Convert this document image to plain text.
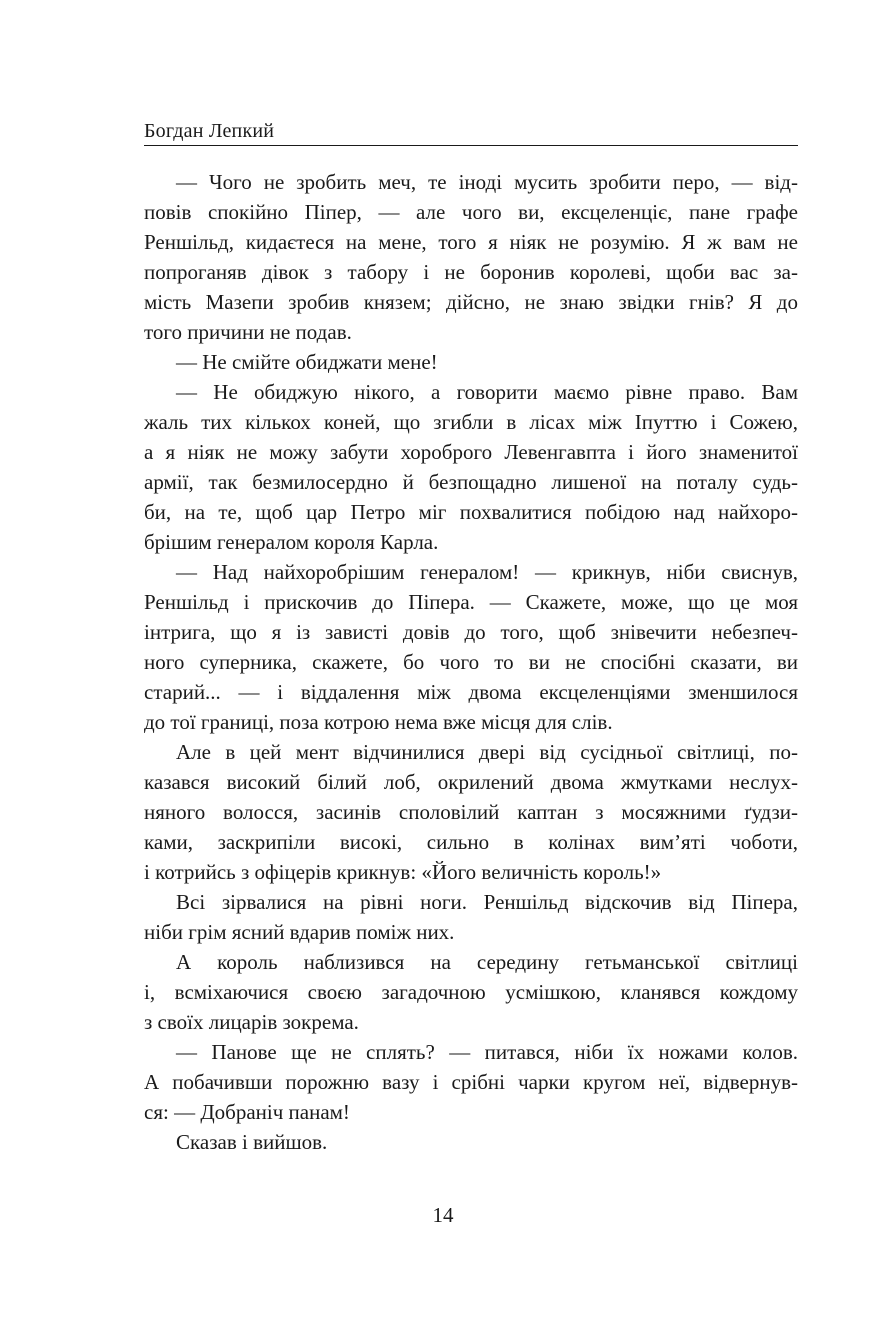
Богдан Лепкий
— Чого не зробить меч, те іноді мусить зробити перо, — від-
повів спокійно Піпер, — але чого ви, ексцеленціє, пане графе
Реншільд, кидаєтеся на мене, того я ніяк не розумію. Я ж вам не
попроганяв дівок з табору і не боронив королеві, щоби вас за-
мість Мазепи зробив князем; дійсно, не знаю звідки гнів? Я до
того причини не подав.
— Не смійте обиджати мене!
— Не обиджую нікого, а говорити маємо рівне право. Вам
жаль тих кількох коней, що згибли в лісах між Іпуттю і Сожею,
а я ніяк не можу забути хороброго Левенгавпта і його знаменитої
армії, так безмилосердно й безпощадно лишеної на поталу судь-
би, на те, щоб цар Петро міг похвалитися побідою над найхоро-
брішим генералом короля Карла.
— Над найхоробрішим генералом! — крикнув, ніби свиснув,
Реншільд і прискочив до Піпера. — Скажете, може, що це моя
інтрига, що я із зависті довів до того, щоб знівечити небезпеч-
ного суперника, скажете, бо чого то ви не спосібні сказати, ви
старий... — і віддалення між двома ексцеленціями зменшилося
до тої границі, поза котрою нема вже місця для слів.
Але в цей мент відчинилися двері від сусідньої світлиці, по-
казався високий білий лоб, окрилений двома жмутками неслух-
няного волосся, засинів споловілий каптан з мосяжними ґудзи-
ками, заскрипіли високі, сильно в колінах вим’яті чоботи,
і котрийсь з офіцерів крикнув: «Його величність король!»
Всі зірвалися на рівні ноги. Реншільд відскочив від Піпера,
ніби грім ясний вдарив поміж них.
А король наблизився на середину гетьманської світлиці
і, всміхаючися своєю загадочною усмішкою, кланявся кождому
з своїх лицарів зокрема.
— Панове ще не сплять? — питався, ніби їх ножами колов.
А побачивши порожню вазу і срібні чарки кругом неї, відвернув-
ся: — Добраніч панам!
Сказав і вийшов.
14
